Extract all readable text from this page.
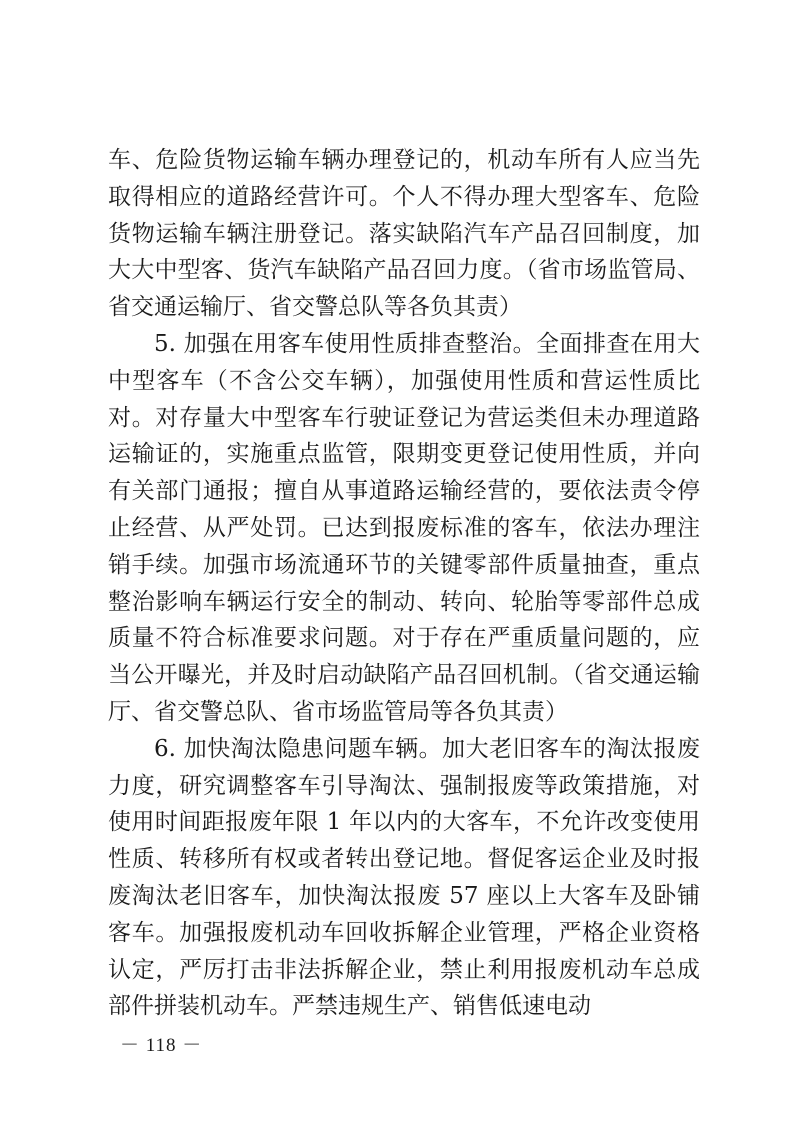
车、危险货物运输车辆办理登记的，机动车所有人应当先取得相应的道路经营许可。个人不得办理大型客车、危险货物运输车辆注册登记。落实缺陷汽车产品召回制度，加大大中型客、货汽车缺陷产品召回力度。（省市场监管局、省交通运输厅、省交警总队等各负其责）

5. 加强在用客车使用性质排查整治。全面排查在用大中型客车（不含公交车辆），加强使用性质和营运性质比对。对存量大中型客车行驶证登记为营运类但未办理道路运输证的，实施重点监管，限期变更登记使用性质，并向有关部门通报；擅自从事道路运输经营的，要依法责令停止经营、从严处罚。已达到报废标准的客车，依法办理注销手续。加强市场流通环节的关键零部件质量抽查，重点整治影响车辆运行安全的制动、转向、轮胎等零部件总成质量不符合标准要求问题。对于存在严重质量问题的，应当公开曝光，并及时启动缺陷产品召回机制。（省交通运输厅、省交警总队、省市场监管局等各负其责）

6. 加快淘汰隐患问题车辆。加大老旧客车的淘汰报废力度，研究调整客车引导淘汰、强制报废等政策措施，对使用时间距报废年限 1 年以内的大客车，不允许改变使用性质、转移所有权或者转出登记地。督促客运企业及时报废淘汰老旧客车，加快淘汰报废 57 座以上大客车及卧铺客车。加强报废机动车回收拆解企业管理，严格企业资格认定，严厉打击非法拆解企业，禁止利用报废机动车总成部件拼装机动车。严禁违规生产、销售低速电动

－ 118 －
